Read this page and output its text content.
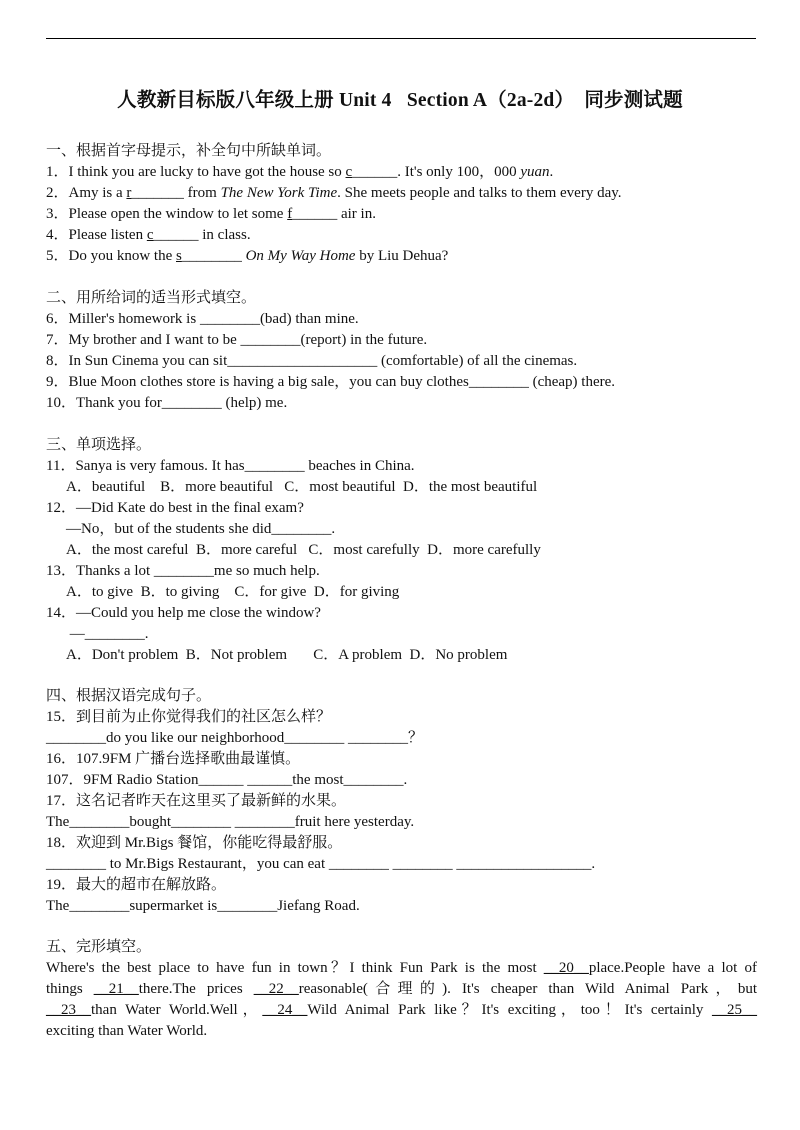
人教新目标版八年级上册 Unit 4   Section A（2a-2d）  同步测试题
一、根据首字母提示，补全句中所缺单词。
1．I think you are lucky to have got the house so c______. It's only 100，000 yuan.
2．Amy is a r_______ from The New York Time. She meets people and talks to them every day.
3．Please open the window to let some f______ air in.
4．Please listen c______ in class.
5．Do you know the s________ On My Way Home by Liu Dehua?
二、用所给词的适当形式填空。
6．Miller's homework is ________(bad) than mine.
7．My brother and I want to be ________(report) in the future.
8．In Sun Cinema you can sit____________________ (comfortable) of all the cinemas.
9．Blue Moon clothes store is having a big sale，you can buy clothes________ (cheap) there.
10．Thank you for________ (help) me.
三、单项选择。
11．Sanya is very famous. It has________ beaches in China.
A．beautiful    B．more beautiful   C．most beautiful  D．the most beautiful
12．—Did Kate do best in the final exam?
—No，but of the students she did________.
A．the most careful  B．more careful   C．most carefully  D．more carefully
13．Thanks a lot ________me so much help.
A．to give  B．to giving    C．for give  D．for giving
14．—Could you help me close the window?
—________.
A．Don't problem  B．Not problem       C．A problem  D．No problem
四、根据汉语完成句子。
15．到目前为止你觉得我们的社区怎么样？
________do you like our neighborhood________ ________？
16．107.9FM 广播台选择歌曲最谨慎。
107．9FM Radio Station______ ______the most________.
17．这名记者昨天在这里买了最新鲜的水果。
The________bought________ ________fruit here yesterday.
18．欢迎到 Mr.Bigs 餐馆，你能吃得最舒服。
________ to Mr.Bigs Restaurant，you can eat ________ ________ __________________.
19．最大的超市在解放路。
The________supermarket is________Jiefang Road.
五、完形填空。
Where's the best place to have fun in town？I think Fun Park is the most __20__place.People have a lot of
things __21__there.The prices __22__reasonable(合理的). It's cheaper than Wild Animal Park，but
__23__than Water World.Well，__24__Wild Animal Park like？It's exciting，too！It's certainly __25__
exciting than Water World.
